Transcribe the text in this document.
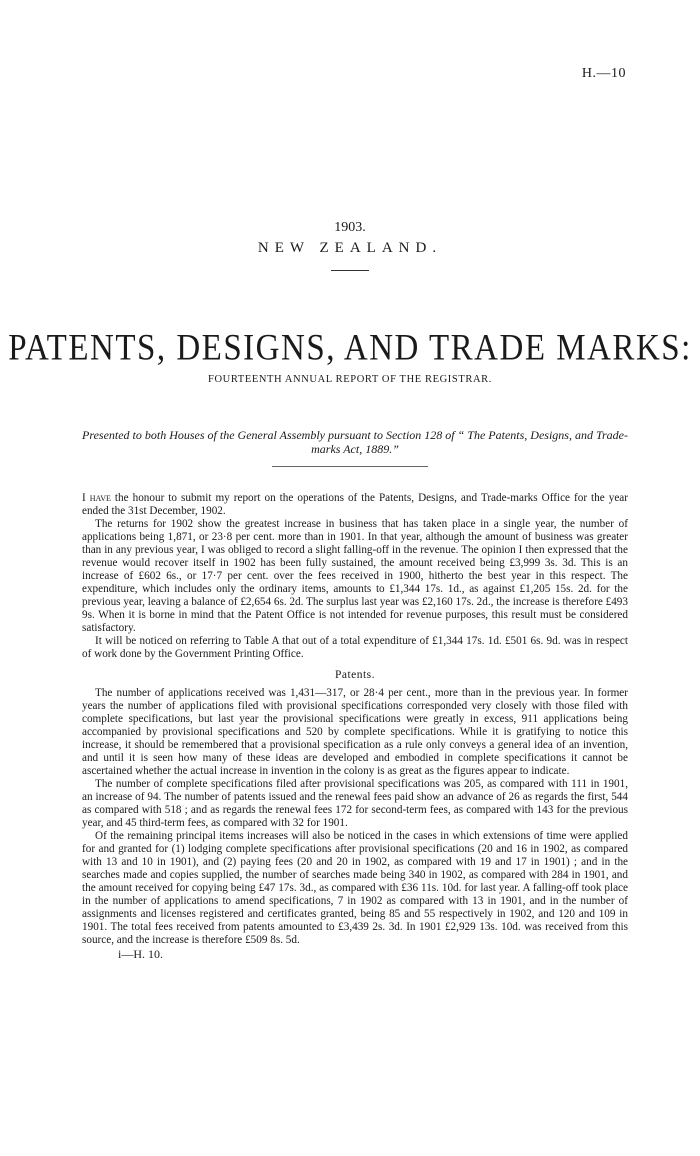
H.—10
1903.
NEW ZEALAND.
PATENTS, DESIGNS, AND TRADE MARKS:
FOURTEENTH ANNUAL REPORT OF THE REGISTRAR.
Presented to both Houses of the General Assembly pursuant to Section 128 of “ The Patents, Designs, and Trade-marks Act, 1889.”

I have the honour to submit my report on the operations of the Patents, Designs, and Trade-marks Office for the year ended the 31st December, 1902.

The returns for 1902 show the greatest increase in business that has taken place in a single year, the number of applications being 1,871, or 23·8 per cent. more than in 1901. In that year, although the amount of business was greater than in any previous year, I was obliged to record a slight falling-off in the revenue. The opinion I then expressed that the revenue would recover itself in 1902 has been fully sustained, the amount received being £3,999 3s. 3d. This is an increase of £602 6s., or 17·7 per cent. over the fees received in 1900, hitherto the best year in this respect. The expenditure, which includes only the ordinary items, amounts to £1,344 17s. 1d., as against £1,205 15s. 2d. for the previous year, leaving a balance of £2,654 6s. 2d. The surplus last year was £2,160 17s. 2d., the increase is therefore £493 9s. When it is borne in mind that the Patent Office is not intended for revenue purposes, this result must be considered satisfactory.

It will be noticed on referring to Table A that out of a total expenditure of £1,344 17s. 1d. £501 6s. 9d. was in respect of work done by the Government Printing Office.

Patents.

The number of applications received was 1,431—317, or 28·4 per cent., more than in the previous year. In former years the number of applications filed with provisional specifications corresponded very closely with those filed with complete specifications, but last year the provisional specifications were greatly in excess, 911 applications being accompanied by provisional specifications and 520 by complete specifications. While it is gratifying to notice this increase, it should be remembered that a provisional specification as a rule only conveys a general idea of an invention, and until it is seen how many of these ideas are developed and embodied in complete specifications it cannot be ascertained whether the actual increase in invention in the colony is as great as the figures appear to indicate.

The number of complete specifications filed after provisional specifications was 205, as compared with 111 in 1901, an increase of 94. The number of patents issued and the renewal fees paid show an advance of 26 as regards the first, 544 as compared with 518 ; and as regards the renewal fees 172 for second-term fees, as compared with 143 for the previous year, and 45 third-term fees, as compared with 32 for 1901.

Of the remaining principal items increases will also be noticed in the cases in which extensions of time were applied for and granted for (1) lodging complete specifications after provisional specifications (20 and 16 in 1902, as compared with 13 and 10 in 1901), and (2) paying fees (20 and 20 in 1902, as compared with 19 and 17 in 1901) ; and in the searches made and copies supplied, the number of searches made being 340 in 1902, as compared with 284 in 1901, and the amount received for copying being £47 17s. 3d., as compared with £36 11s. 10d. for last year. A falling-off took place in the number of applications to amend specifications, 7 in 1902 as compared with 13 in 1901, and in the number of assignments and licenses registered and certificates granted, being 85 and 55 respectively in 1902, and 120 and 109 in 1901. The total fees received from patents amounted to £3,439 2s. 3d. In 1901 £2,929 13s. 10d. was received from this source, and the increase is therefore £509 8s. 5d.

i—H. 10.
